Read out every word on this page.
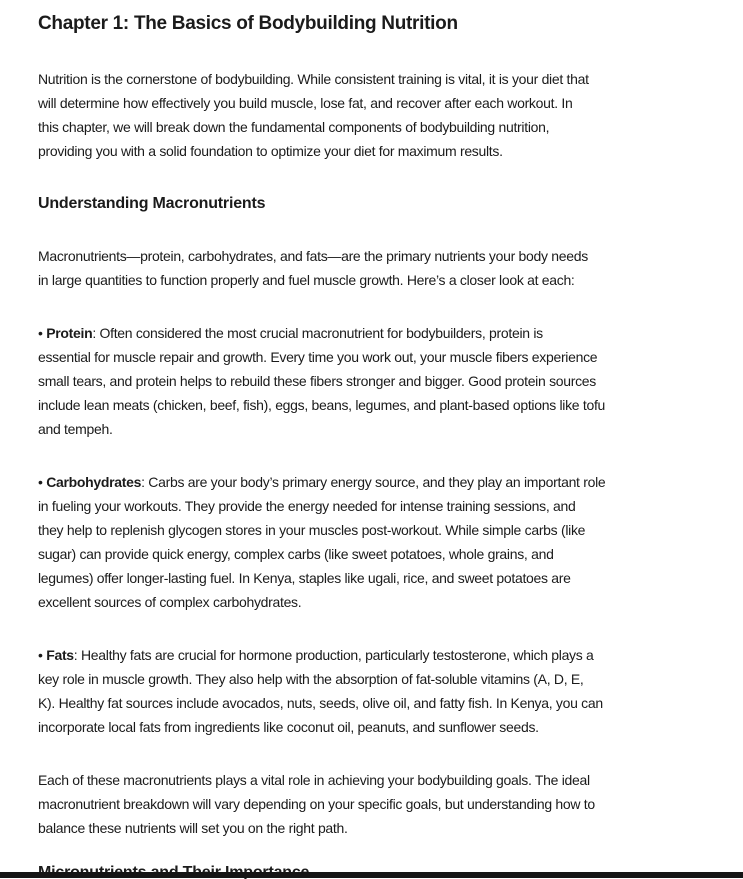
Chapter 1: The Basics of Bodybuilding Nutrition
Nutrition is the cornerstone of bodybuilding. While consistent training is vital, it is your diet that
will determine how effectively you build muscle, lose fat, and recover after each workout. In
this chapter, we will break down the fundamental components of bodybuilding nutrition,
providing you with a solid foundation to optimize your diet for maximum results.
Understanding Macronutrients
Macronutrients—protein, carbohydrates, and fats—are the primary nutrients your body needs
in large quantities to function properly and fuel muscle growth. Here’s a closer look at each:
• Protein: Often considered the most crucial macronutrient for bodybuilders, protein is
essential for muscle repair and growth. Every time you work out, your muscle fibers experience
small tears, and protein helps to rebuild these fibers stronger and bigger. Good protein sources
include lean meats (chicken, beef, fish), eggs, beans, legumes, and plant-based options like tofu
and tempeh.
• Carbohydrates: Carbs are your body’s primary energy source, and they play an important role
in fueling your workouts. They provide the energy needed for intense training sessions, and
they help to replenish glycogen stores in your muscles post-workout. While simple carbs (like
sugar) can provide quick energy, complex carbs (like sweet potatoes, whole grains, and
legumes) offer longer-lasting fuel. In Kenya, staples like ugali, rice, and sweet potatoes are
excellent sources of complex carbohydrates.
• Fats: Healthy fats are crucial for hormone production, particularly testosterone, which plays a
key role in muscle growth. They also help with the absorption of fat-soluble vitamins (A, D, E,
K). Healthy fat sources include avocados, nuts, seeds, olive oil, and fatty fish. In Kenya, you can
incorporate local fats from ingredients like coconut oil, peanuts, and sunflower seeds.
Each of these macronutrients plays a vital role in achieving your bodybuilding goals. The ideal
macronutrient breakdown will vary depending on your specific goals, but understanding how to
balance these nutrients will set you on the right path.
